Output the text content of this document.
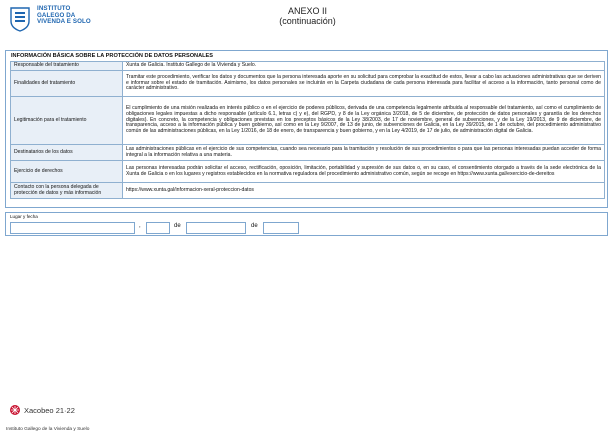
INSTITUTO
GALEGO DA
VIVENDA E SOLO
ANEXO II
(continuación)
INFORMACIÓN BÁSICA SOBRE LA PROTECCIÓN DE DATOS PERSONALES
Responsable del tratamiento	Xunta de Galicia. Instituto Gallego de la Vivienda y Suelo.
Finalidades del tratamiento	Tramitar este procedimiento, verificar los datos y documentos que la persona interesada aporte en su solicitud para comprobar la exactitud de estos, llevar a cabo las actuaciones administrativas que se deriven e informar sobre el estado de tramitación. Asimismo, los datos personales se incluirán en la Carpeta ciudadana de cada persona interesada para facilitar el acceso a la información, tanto personal como de carácter administrativo.
Legitimación para el tratamiento	El cumplimiento de una misión realizada en interés público o en el ejercicio de poderes públicos, derivada de una competencia legalmente atribuida al responsable del tratamiento, así como el cumplimiento de obligaciones legales impuestas a dicho responsable (artículo 6.1, letras c) y e), del RGPD, y 8 de la Ley orgánica 3/2018, de 5 de diciembre, de protección de datos personales y garantía de los derechos digitales). En concreto, la competencia y obligaciones previstas en los preceptos básicos de la Ley 38/2003, de 17 de noviembre, general de subvenciones, y de la Ley 19/2013, de 9 de diciembre, de transparencia, acceso a la información pública y buen gobierno, así como en la Ley 9/2007, de 13 de junio, de subvenciones de Galicia, en la Ley 39/2015, de 1 de octubre, del procedimiento administrativo común de las administraciones públicas, en la Ley 1/2016, de 18 de enero, de transparencia y buen gobierno, y en la Ley 4/2019, de 17 de julio, de administración digital de Galicia.
Destinatarios de los datos	Las administraciones públicas en el ejercicio de sus competencias, cuando sea necesario para la tramitación y resolución de sus procedimientos o para que las personas interesadas puedan acceder de forma integral a la información relativa a una materia.
Ejercicio de derechos	Las personas interesadas podrán solicitar el acceso, rectificación, oposición, limitación, portabilidad y supresión de sus datos o, en su caso, el consentimiento otorgado a través de la sede electrónica de la Xunta de Galicia o en los lugares y registros establecidos en la normativa reguladora del procedimiento administrativo común, según se recoge en https://www.xunta.gal/exercicio-de-dereitos
Contacto con la persona delegada de protección de datos y más información	https://www.xunta.gal/informacion-xeral-proteccion-datos
Lugar y fecha
,	de	de
Xacobeo 21·22
Instituto Gallego de la Vivienda y Suelo
